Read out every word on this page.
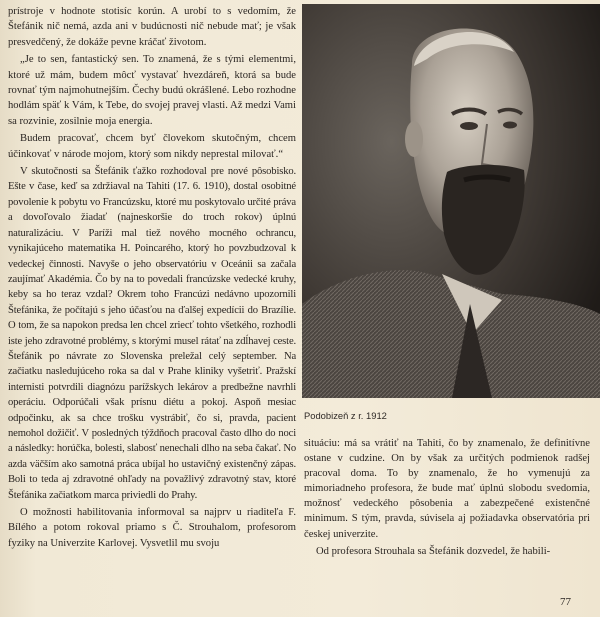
prístroje v hodnote stotisíc korún. A urobí to s vedomím, že Štefánik nič nemá, azda ani v budúcnosti nič nebude mať; je však presvedčený, že dokáže pevne kráčať životom.

„Je to sen, fantastický sen. To znamená, že s tými elementmi, ktoré už mám, budem môcť vystavať hvezdáreň, ktorá sa bude rovnať tým najmohutnejším. Čechy budú okrášlené. Lebo rozhodne hodlám späť k Vám, k Tebe, do svojej pravej vlasti. Až medzi Vami sa rozvinie, zosilnie moja energia.

Budem pracovať, chcem byť človekom skutočným, chcem účinkovať v národe mojom, ktorý som nikdy neprestal milovať.“

V skutočnosti sa Štefánik ťažko rozhodoval pre nové pôsobisko. Ešte v čase, keď sa zdržiaval na Tahiti (17. 6. 1910), dostal osobitné povolenie k pobytu vo Francúzsku, ktoré mu poskytovalo určité práva a dovoľovalo žiadať (najneskoršie do troch rokov) úplnú naturalizáciu. V Paríži mal tiež nového mocného ochrancu, vynikajúceho matematika H. Poincarého, ktorý ho povzbudzoval k vedeckej činnosti. Navyše o jeho observatóriu v Oceánii sa začala zaujímať Akadémia. Čo by na to povedali francúzske vedecké kruhy, keby sa ho teraz vzdal? Okrem toho Francúzi nedávno upozornili Štefánika, že počítajú s jeho účasťou na ďalšej expedícii do Brazílie. O tom, že sa napokon predsa len chcel zriecť tohto všetkého, rozhodli iste jeho zdravotné problémy, s ktorými musel rátať na zdĺhavej ceste. Štefánik po návrate zo Slovenska preležal celý september. Na začiatku nasledujúceho roka sa dal v Prahe kliniky vyšetriť. Pražskí internisti potvrdili diagnózu parížskych lekárov a predbežne navrhli operáciu. Odporúčali však prísnu diétu a pokoj. Aspoň mesiac odpočinku, ak sa chce trošku vystrábiť, čo si, pravda, pacient nemohol dožičiť. V posledných týždňoch pracoval často dlho do noci a následky: horúčka, bolesti, slabosť nenechali dlho na seba čakať. No azda väčším ako samotná práca ubíjal ho ustavičný existenčný zápas. Boli to teda aj zdravotné ohľady na považlivý zdravotný stav, ktoré Štefánika začiatkom marca priviedli do Prahy.

O možnosti habilitovania informoval sa najprv u riaditeľa F. Bílého a potom rokoval priamo s Č. Strouhalom, profesorom fyziky na Univerzite Karlovej. Vysvetlil mu svoju

Podobizeň z r. 1912

situáciu: má sa vrátiť na Tahiti, čo by znamenalo, že definitívne ostane v cudzine. On by však za určitých podmienok radšej pracoval doma. To by znamenalo, že ho vymenujú za mimoriadneho profesora, že bude mať úplnú slobodu svedomia, možnosť vedeckého pôsobenia a zabezpečené existenčné minimum. S tým, pravda, súvisela aj požiadavka observatória pri českej univerzite.

Od profesora Strouhala sa Štefánik dozvedel, že habili-

77
